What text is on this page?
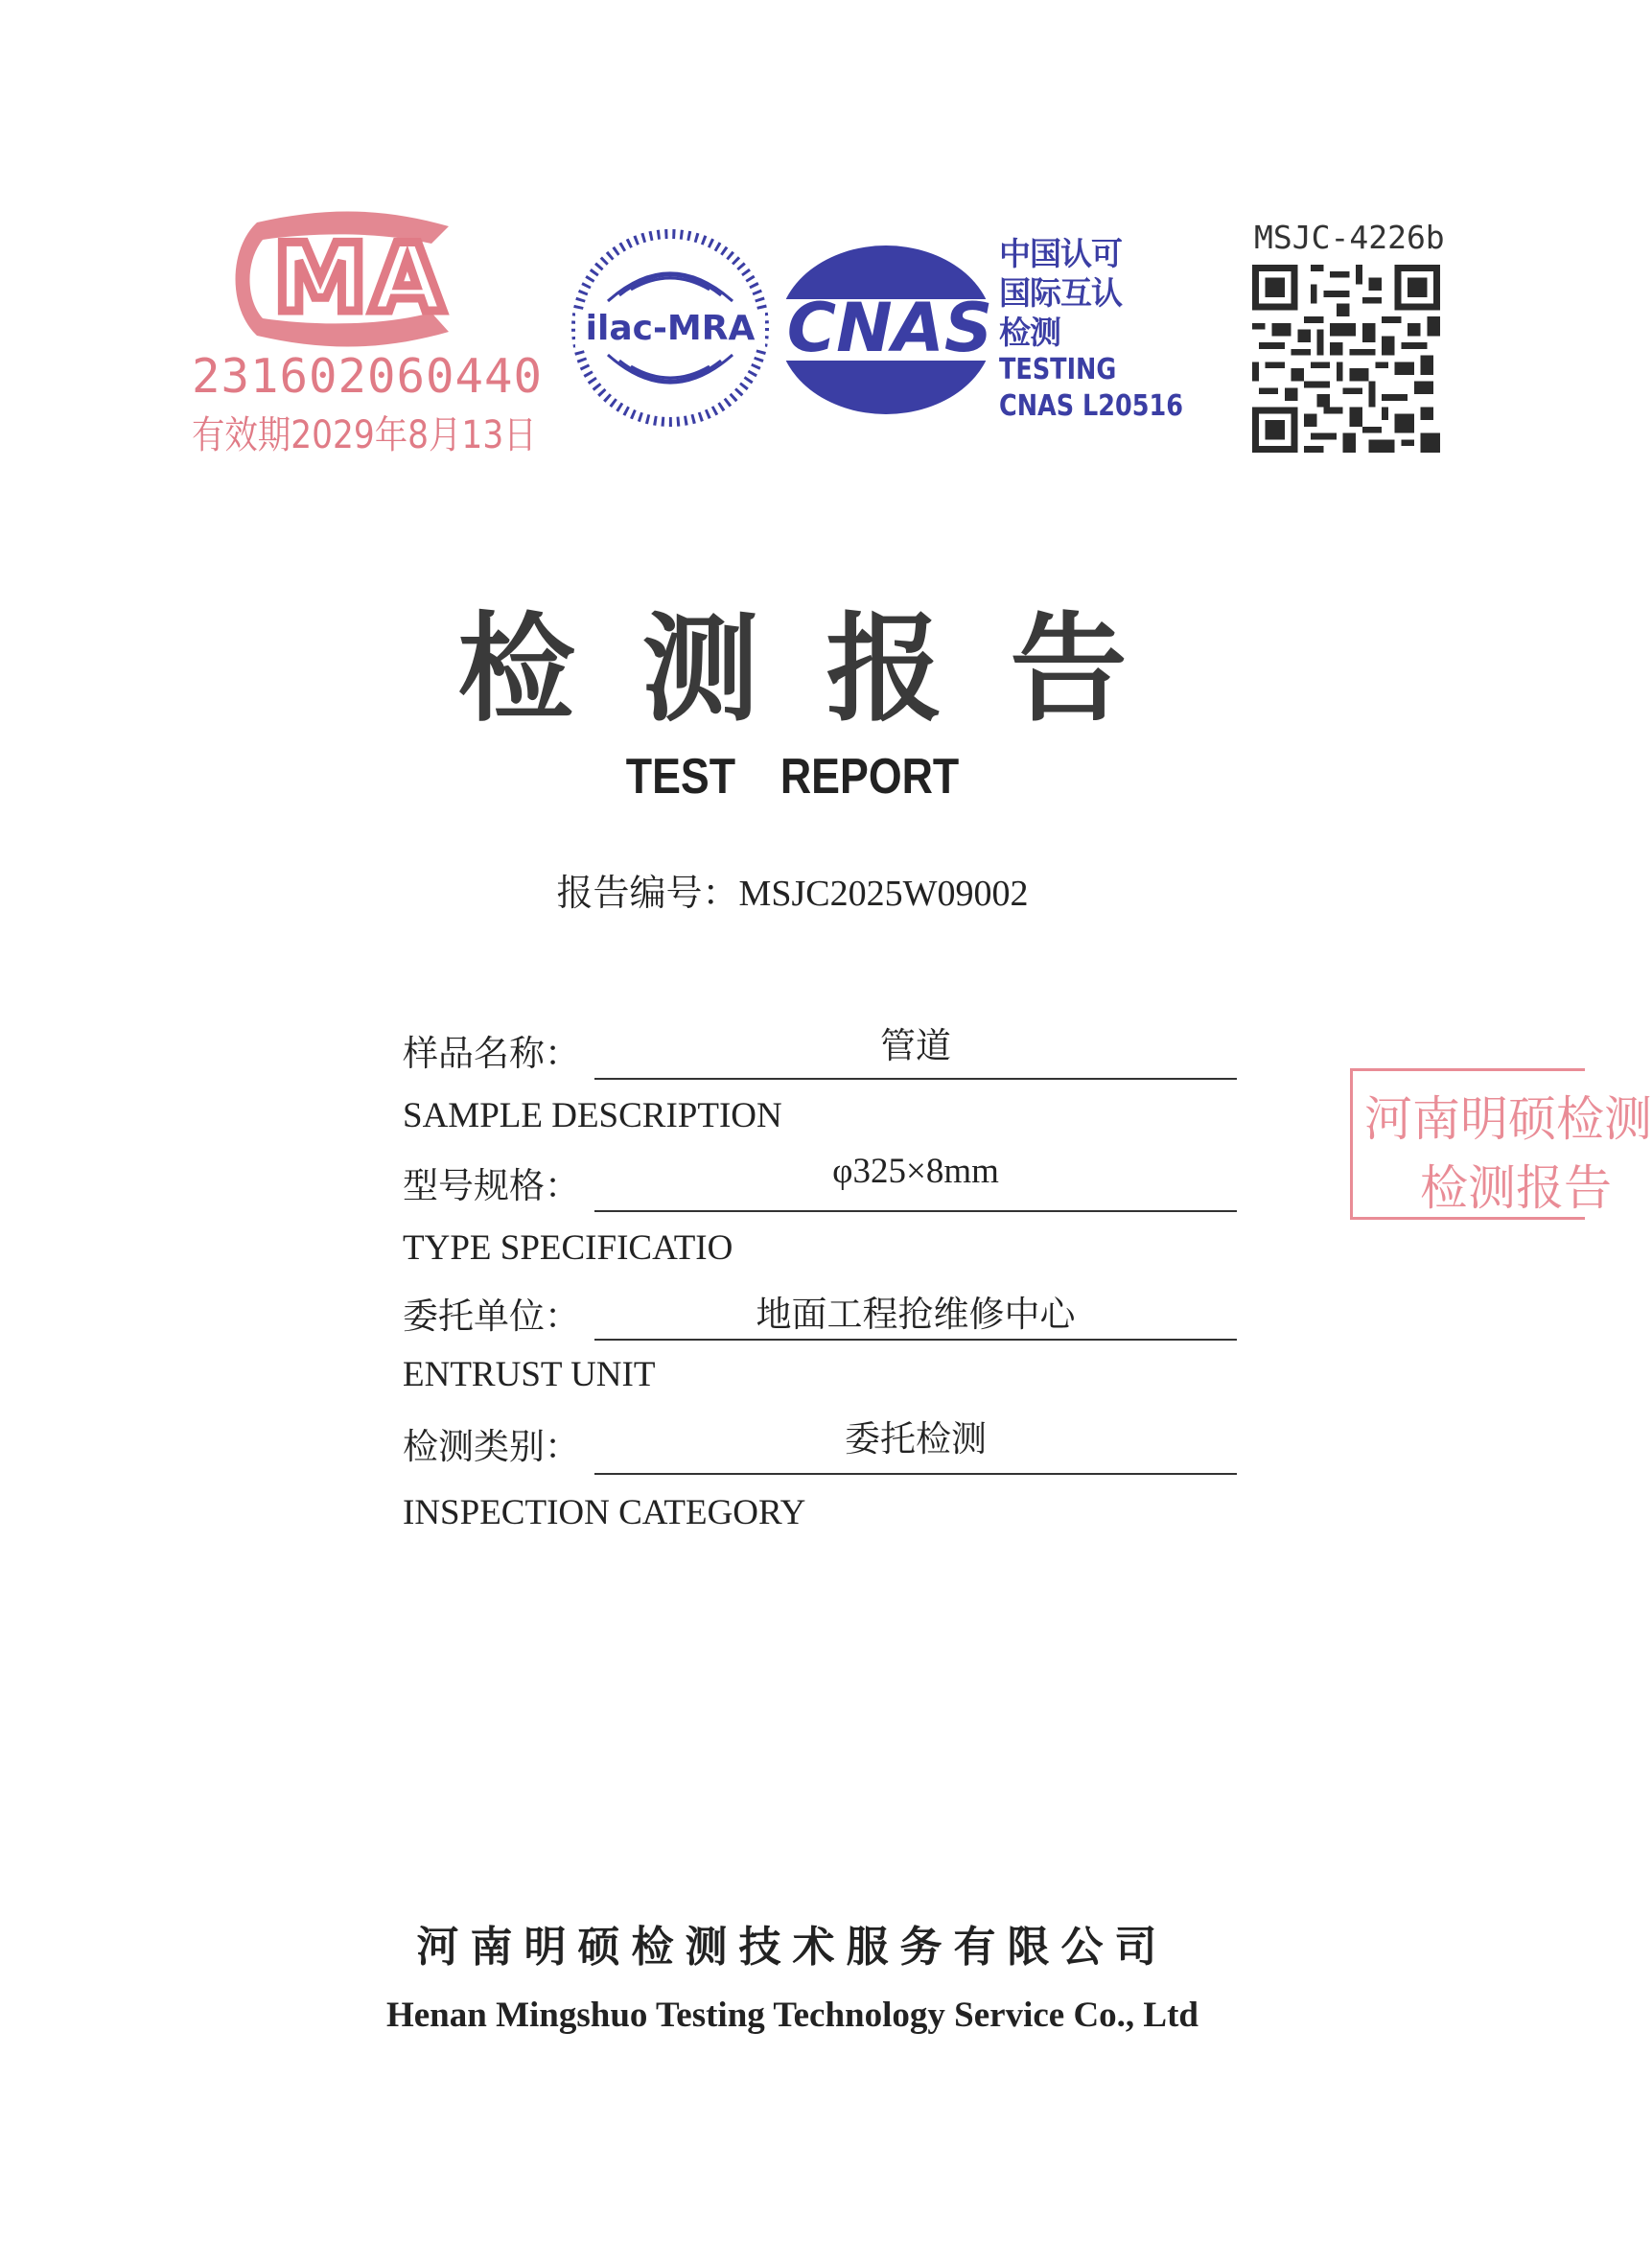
MA
231602060440
有效期2029年8月13日
ilac-MRA CNAS
中国认可
国际互认
检测
TESTING
CNAS L20516
MSJC-4226b
检测报告
TEST REPORT
报告编号：MSJC2025W09002
样品名称：	管道
SAMPLE DESCRIPTION
型号规格：	φ325×8mm
TYPE SPECIFICATIO
委托单位：	地面工程抢维修中心
ENTRUST UNIT
检测类别：	委托检测
INSPECTION CATEGORY
河南明硕检测
检测报告
河南明硕检测技术服务有限公司
Henan Mingshuo Testing Technology Service Co., Ltd
